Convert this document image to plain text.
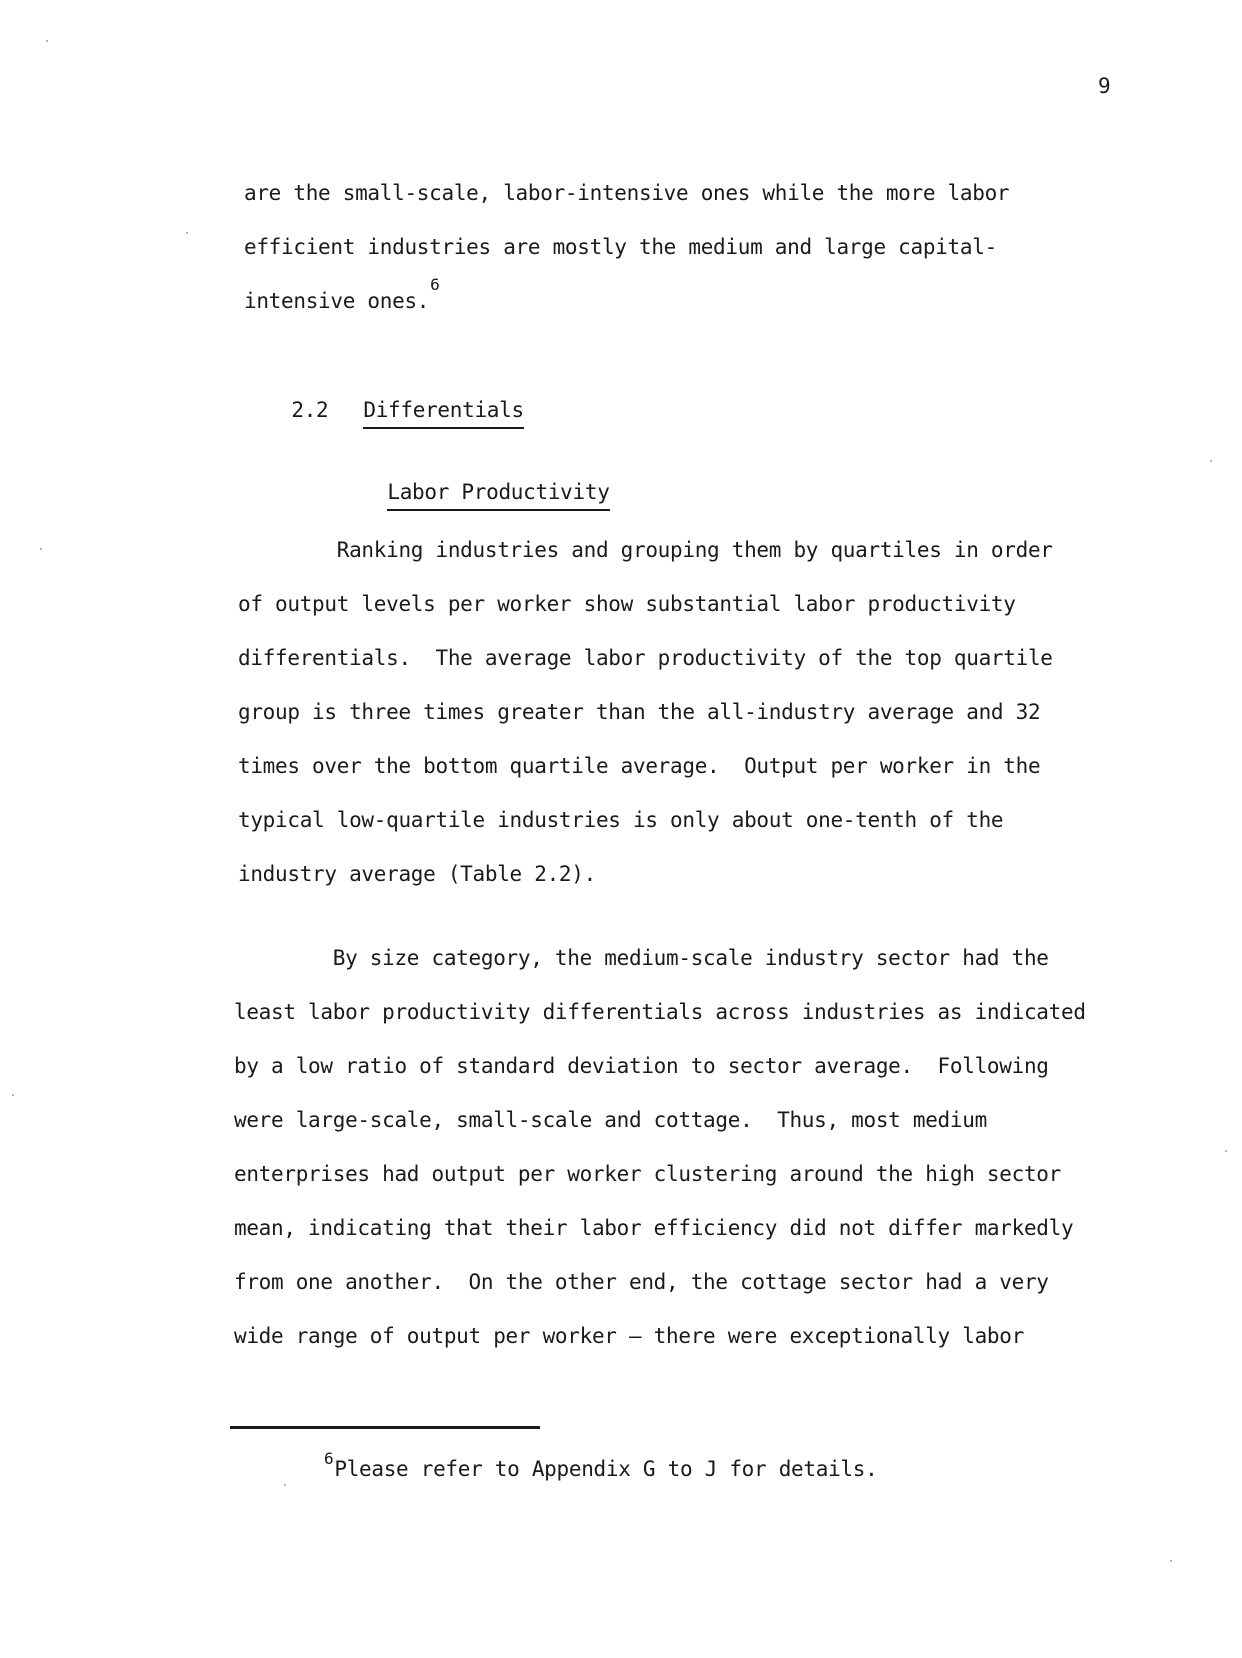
9
are the small-scale, labor-intensive ones while the more labor
efficient industries are mostly the medium and large capital-
intensive ones.$^6$

2.2 Differentials

Labor Productivity

Ranking industries and grouping them by quartiles in order
of output levels per worker show substantial labor productivity
differentials.  The average labor productivity of the top quartile
group is three times greater than the all-industry average and 32
times over the bottom quartile average.  Output per worker in the
typical low-quartile industries is only about one-tenth of the
industry average (Table 2.2).
By size category, the medium-scale industry sector had the
least labor productivity differentials across industries as indicated
by a low ratio of standard deviation to sector average.  Following
were large-scale, small-scale and cottage.  Thus, most medium
enterprises had output per worker clustering around the high sector
mean, indicating that their labor efficiency did not differ markedly
from one another.  On the other end, the cottage sector had a very
wide range of output per worker — there were exceptionally labor
$^6$Please refer to Appendix G to J for details.
